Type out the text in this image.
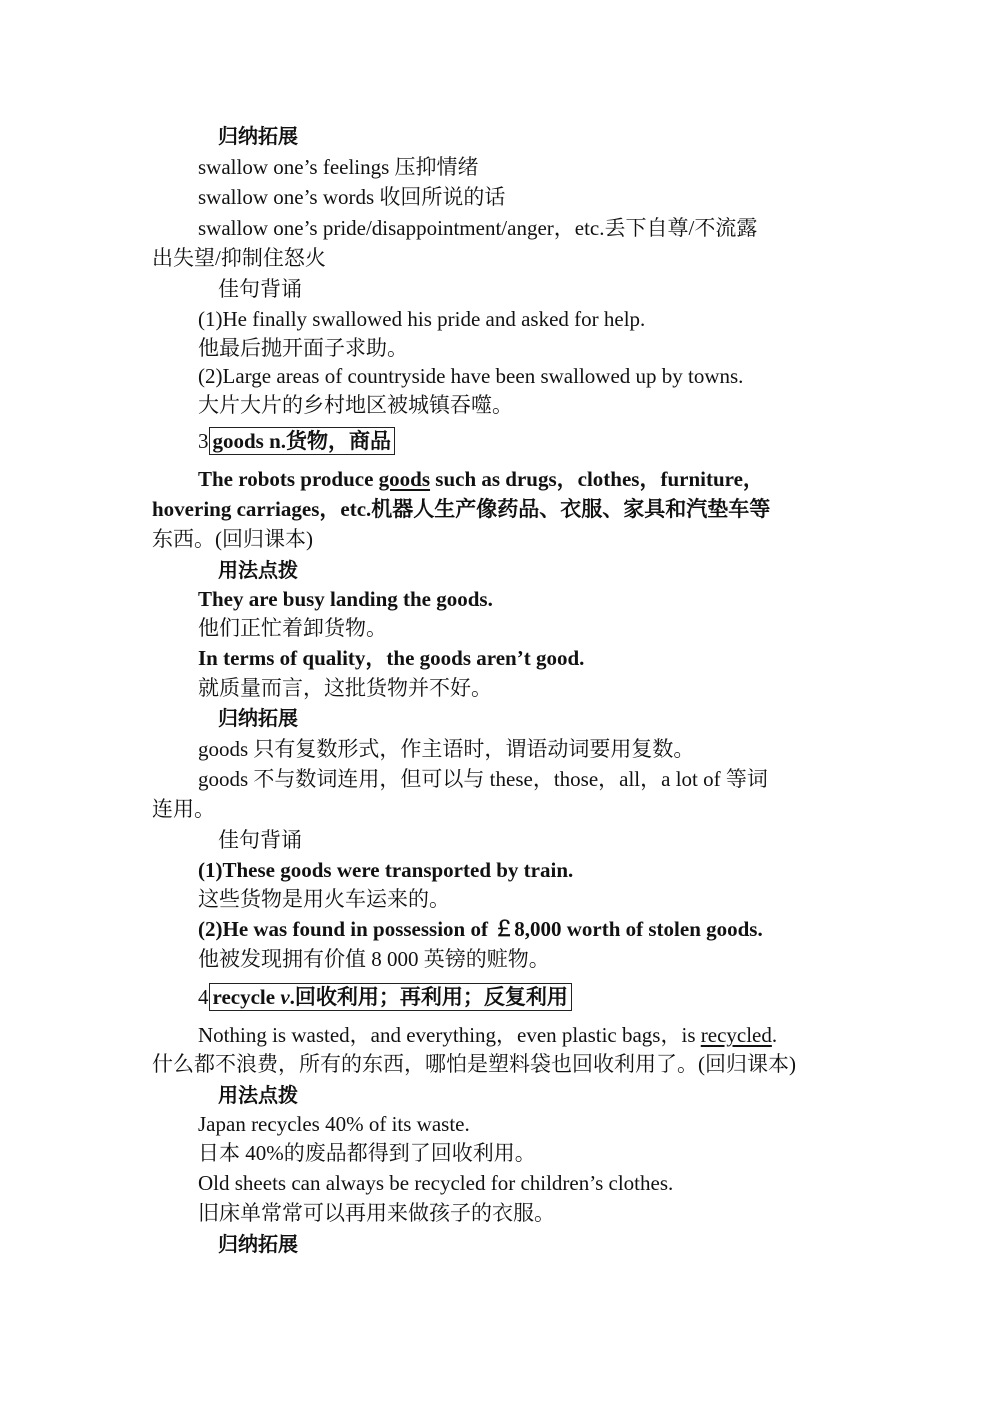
归纳拓展
swallow one’s feelings 压抑情绪
swallow one’s words 收回所说的话
swallow one’s pride/disappointment/anger，etc.丢下自尊/不流露
出失望/抑制住怒火
佳句背诵
(1)He finally swallowed his pride and asked for help.
他最后抛开面子求助。
(2)Large areas of countryside have been swallowed up by towns.
大片大片的乡村地区被城镇吞噬。
3 goods n.货物，商品
The robots produce goods such as drugs，clothes，furniture，
hovering carriages，etc.机器人生产像药品、衣服、家具和汽垫车等
东西。(回归课本)
用法点拨
They are busy landing the goods.
他们正忙着卸货物。
In terms of quality，the goods aren’t good.
就质量而言，这批货物并不好。
归纳拓展
goods 只有复数形式，作主语时，谓语动词要用复数。
goods 不与数词连用，但可以与 these，those，all，a lot of 等词
连用。
佳句背诵
(1)These goods were transported by train.
这些货物是用火车运来的。
(2)He was found in possession of ￡8,000 worth of stolen goods.
他被发现拥有价值 8 000 英镑的赃物。
4 recycle v.回收利用；再利用；反复利用
Nothing is wasted，and everything，even plastic bags，is recycled.
什么都不浪费，所有的东西，哪怕是塑料袋也回收利用了。(回归课本)
用法点拨
Japan recycles 40% of its waste.
日本 40%的废品都得到了回收利用。
Old sheets can always be recycled for children’s clothes.
旧床单常常可以再用来做孩子的衣服。
归纳拓展
